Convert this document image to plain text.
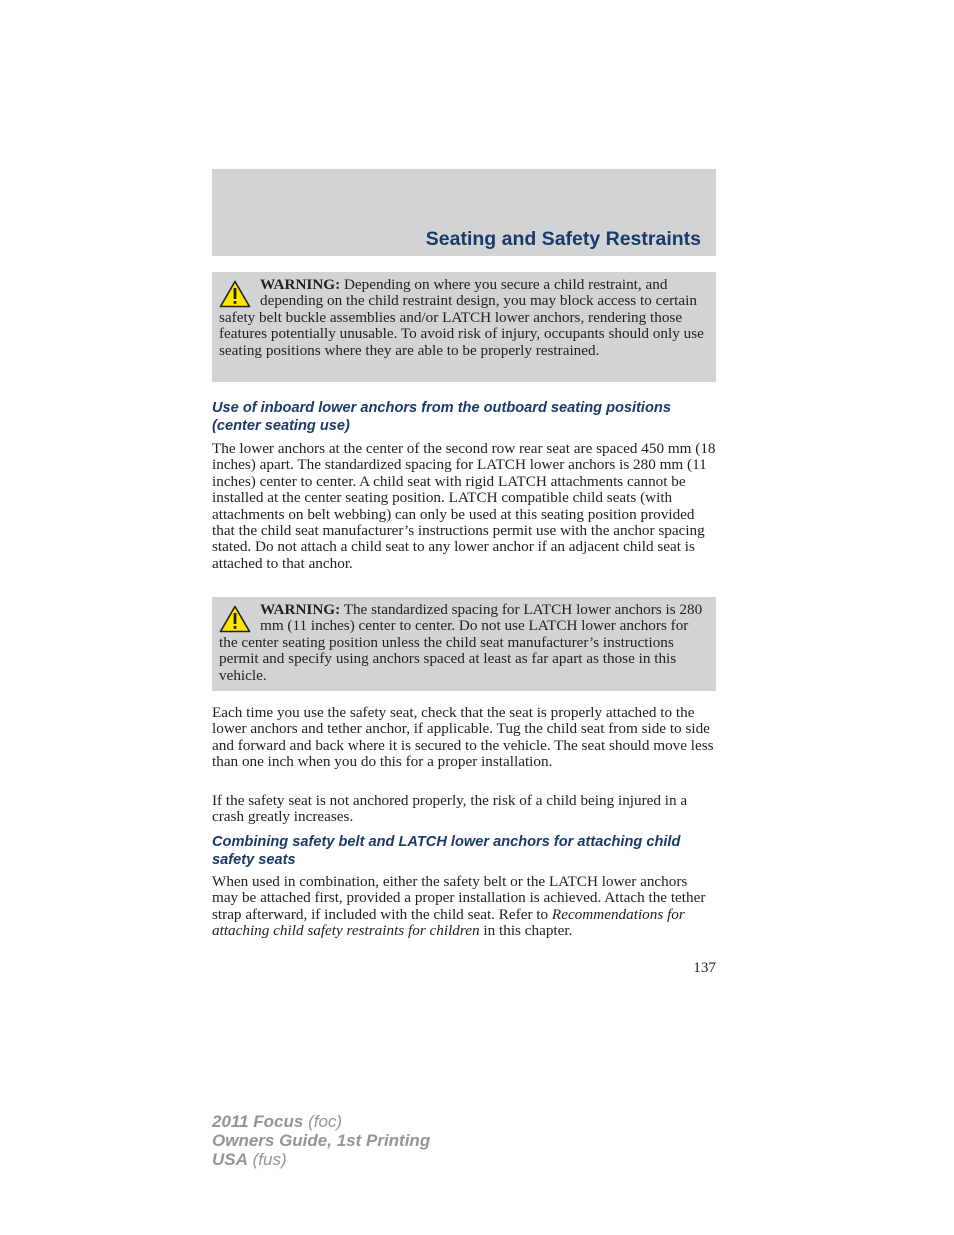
Seating and Safety Restraints
WARNING: Depending on where you secure a child restraint, and depending on the child restraint design, you may block access to certain safety belt buckle assemblies and/or LATCH lower anchors, rendering those features potentially unusable. To avoid risk of injury, occupants should only use seating positions where they are able to be properly restrained.
Use of inboard lower anchors from the outboard seating positions (center seating use)
The lower anchors at the center of the second row rear seat are spaced 450 mm (18 inches) apart. The standardized spacing for LATCH lower anchors is 280 mm (11 inches) center to center. A child seat with rigid LATCH attachments cannot be installed at the center seating position. LATCH compatible child seats (with attachments on belt webbing) can only be used at this seating position provided that the child seat manufacturer’s instructions permit use with the anchor spacing stated. Do not attach a child seat to any lower anchor if an adjacent child seat is attached to that anchor.
WARNING: The standardized spacing for LATCH lower anchors is 280 mm (11 inches) center to center. Do not use LATCH lower anchors for the center seating position unless the child seat manufacturer’s instructions permit and specify using anchors spaced at least as far apart as those in this vehicle.
Each time you use the safety seat, check that the seat is properly attached to the lower anchors and tether anchor, if applicable. Tug the child seat from side to side and forward and back where it is secured to the vehicle. The seat should move less than one inch when you do this for a proper installation.
If the safety seat is not anchored properly, the risk of a child being injured in a crash greatly increases.
Combining safety belt and LATCH lower anchors for attaching child safety seats
When used in combination, either the safety belt or the LATCH lower anchors may be attached first, provided a proper installation is achieved. Attach the tether strap afterward, if included with the child seat. Refer to Recommendations for attaching child safety restraints for children in this chapter.
137
2011 Focus (foc)
Owners Guide, 1st Printing
USA (fus)
